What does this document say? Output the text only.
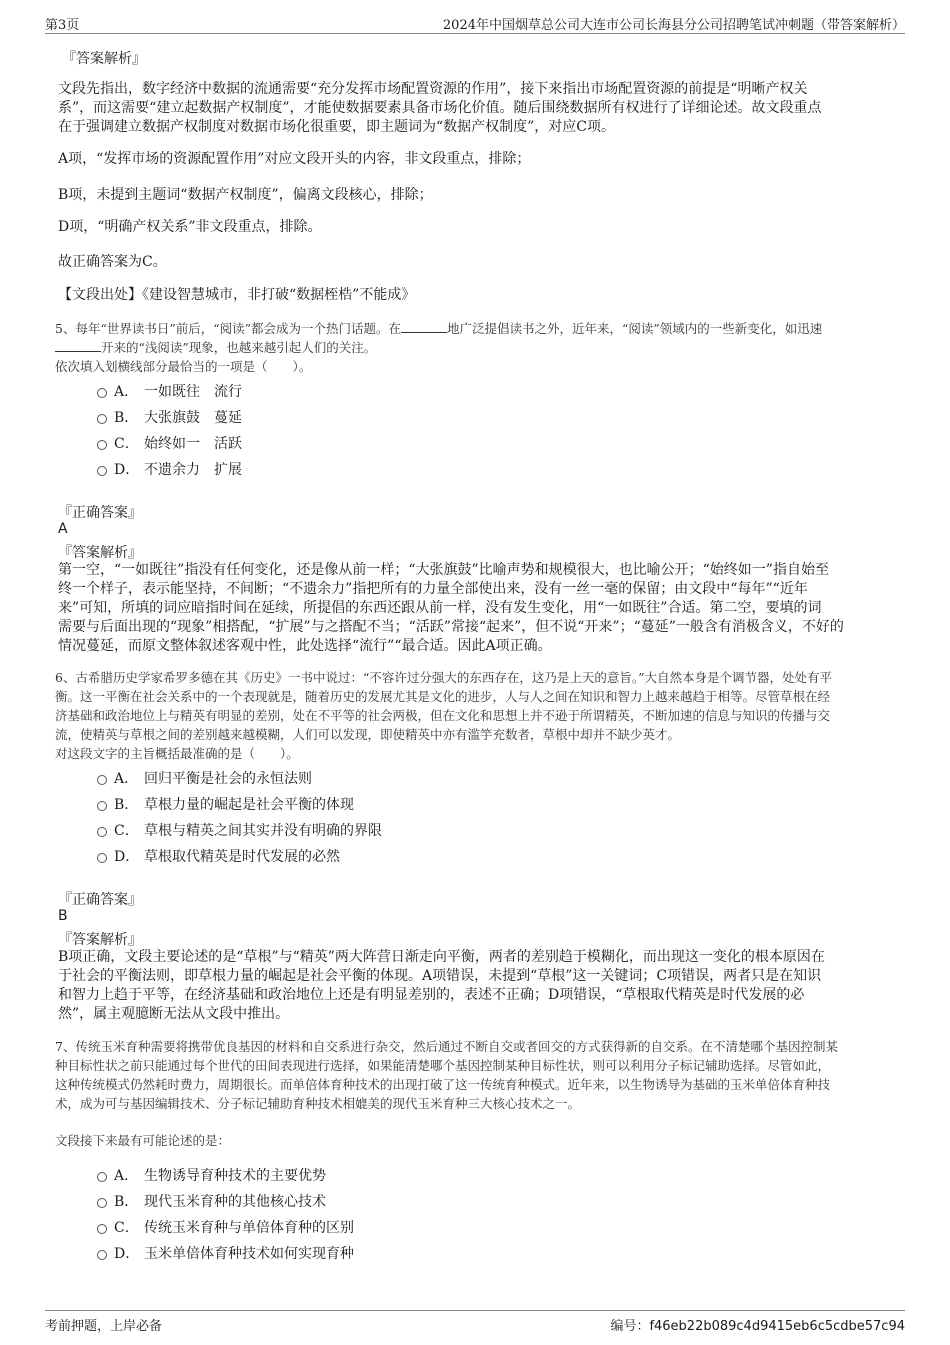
第3页	2024年中国烟草总公司大连市公司长海县分公司招聘笔试冲刺题（带答案解析）
『答案解析』

文段先指出，数字经济中数据的流通需要“充分发挥市场配置资源的作用”，接下来指出市场配置资源的前提是“明晰产权关

系”，而这需要“建立起数据产权制度”，才能使数据要素具备市场化价值。随后围绕数据所有权进行了详细论述。故文段重点

在于强调建立数据产权制度对数据市场化很重要，即主题词为“数据产权制度”，对应C项。

A项，“发挥市场的资源配置作用”对应文段开头的内容，非文段重点，排除；
B项，未提到主题词“数据产权制度”，偏离文段核心，排除；
D项，“明确产权关系”非文段重点，排除。
故正确答案为C。
【文段出处】《建设智慧城市，非打破“数据桎梏”不能成》

5、每年“世界读书日”前后，“阅读”都会成为一个热门话题。在	地广泛提倡读书之外，近年来，“阅读”领域内的一些新变化，如迅速

开来的“浅阅读”现象，也越来越引起人们的关注。

依次填入划横线部分最恰当的一项是（　　）。

A． 一如既往　流行
B． 大张旗鼓　蔓延
C． 始终如一　活跃
D． 不遗余力　扩展
『正确答案』
A
『答案解析』

第一空，“一如既往”指没有任何变化，还是像从前一样；“大张旗鼓”比喻声势和规模很大，也比喻公开；“始终如一”指自始至

终一个样子，表示能坚持，不间断；“不遗余力”指把所有的力量全部使出来，没有一丝一毫的保留；由文段中“每年”“近年

来”可知，所填的词应暗指时间在延续，所提倡的东西还跟从前一样，没有发生变化，用“一如既往”合适。第二空，要填的词

需要与后面出现的“现象”相搭配，“扩展”与之搭配不当；“活跃”常接“起来”，但不说“开来”；“蔓延”一般含有消极含义，不好的

情况蔓延，而原文整体叙述客观中性，此处选择“流行”“最合适。因此A项正确。

6、古希腊历史学家希罗多德在其《历史》一书中说过：“不容许过分强大的东西存在，这乃是上天的意旨。”大自然本身是个调节器，处处有平

衡。这一平衡在社会关系中的一个表现就是，随着历史的发展尤其是文化的进步，人与人之间在知识和智力上越来越趋于相等。尽管草根在经

济基础和政治地位上与精英有明显的差别，处在不平等的社会两极，但在文化和思想上并不逊于所谓精英，不断加速的信息与知识的传播与交

流，使精英与草根之间的差别越来越模糊，人们可以发现，即使精英中亦有滥竽充数者，草根中却并不缺少英才。

对这段文字的主旨概括最准确的是（　　）。

A． 回归平衡是社会的永恒法则
B． 草根力量的崛起是社会平衡的体现
C． 草根与精英之间其实并没有明确的界限
D． 草根取代精英是时代发展的必然
『正确答案』
B
『答案解析』

B项正确，文段主要论述的是“草根”与“精英”两大阵营日渐走向平衡，两者的差别趋于模糊化，而出现这一变化的根本原因在

于社会的平衡法则，即草根力量的崛起是社会平衡的体现。A项错误，未提到“草根”这一关键词；C项错误，两者只是在知识

和智力上趋于平等，在经济基础和政治地位上还是有明显差别的，表述不正确；D项错误，“草根取代精英是时代发展的必

然”，属主观臆断无法从文段中推出。

7、传统玉米育种需要将携带优良基因的材料和自交系进行杂交，然后通过不断自交或者回交的方式获得新的自交系。在不清楚哪个基因控制某

种目标性状之前只能通过每个世代的田间表现进行选择，如果能清楚哪个基因控制某种目标性状，则可以利用分子标记辅助选择。尽管如此，

这种传统模式仍然耗时费力，周期很长。而单倍体育种技术的出现打破了这一传统育种模式。近年来，以生物诱导为基础的玉米单倍体育种技

术，成为可与基因编辑技术、分子标记辅助育种技术相媲美的现代玉米育种三大核心技术之一。

文段接下来最有可能论述的是：
A． 生物诱导育种技术的主要优势
B． 现代玉米育种的其他核心技术
C． 传统玉米育种与单倍体育种的区别
D． 玉米单倍体育种技术如何实现育种
考前押题，上岸必备	编号：f46eb22b089c4d9415eb6c5cdbe57c94
